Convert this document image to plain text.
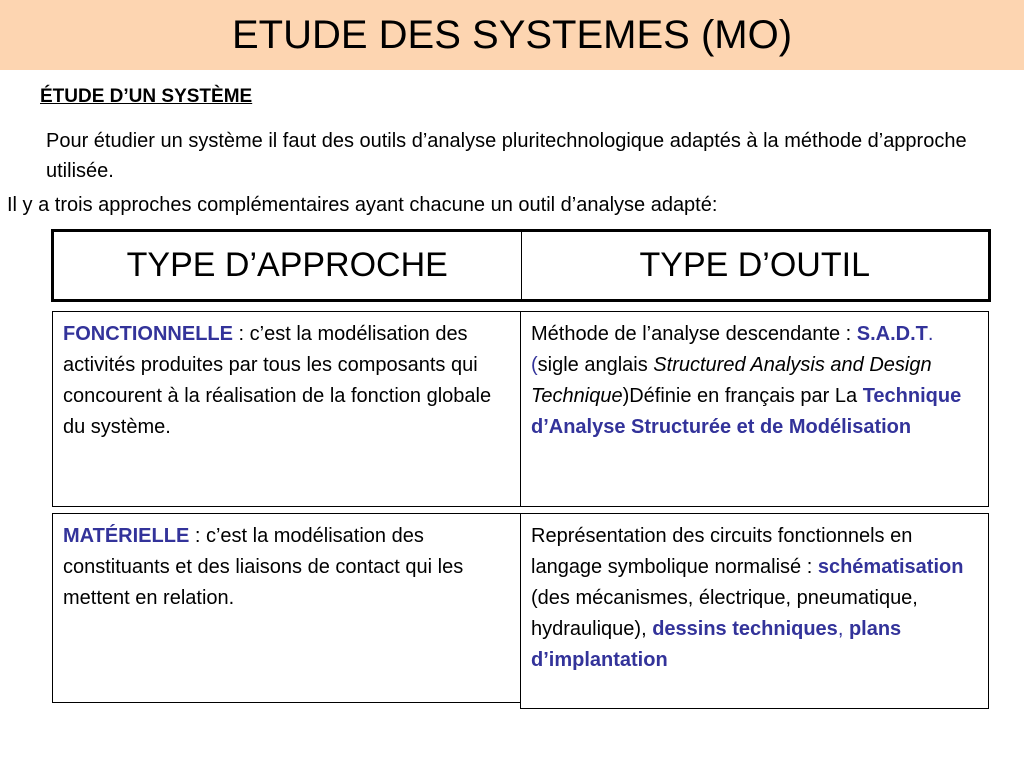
ETUDE DES SYSTEMES (MO)
ÉTUDE D’UN SYSTÈME
Pour étudier un système il faut des outils d’analyse pluritechnologique adaptés à la méthode d’approche utilisée.
Il y a trois approches complémentaires ayant chacune un outil d’analyse adapté:
TYPE D’APPROCHE	TYPE D’OUTIL
FONCTIONNELLE : c’est la modélisation des activités produites par tous les composants qui concourent à la réalisation de la fonction globale du système.
Méthode de l’analyse descendante : S.A.D.T.(sigle anglais Structured Analysis and Design Technique)Définie en français par La Technique d’Analyse Structurée et de Modélisation
MATÉRIELLE : c’est la modélisation des constituants et des liaisons de contact qui les mettent en relation.
Représentation des circuits fonctionnels en langage symbolique normalisé : schématisation (des mécanismes, électrique, pneumatique, hydraulique), dessins techniques, plans d’implantation
